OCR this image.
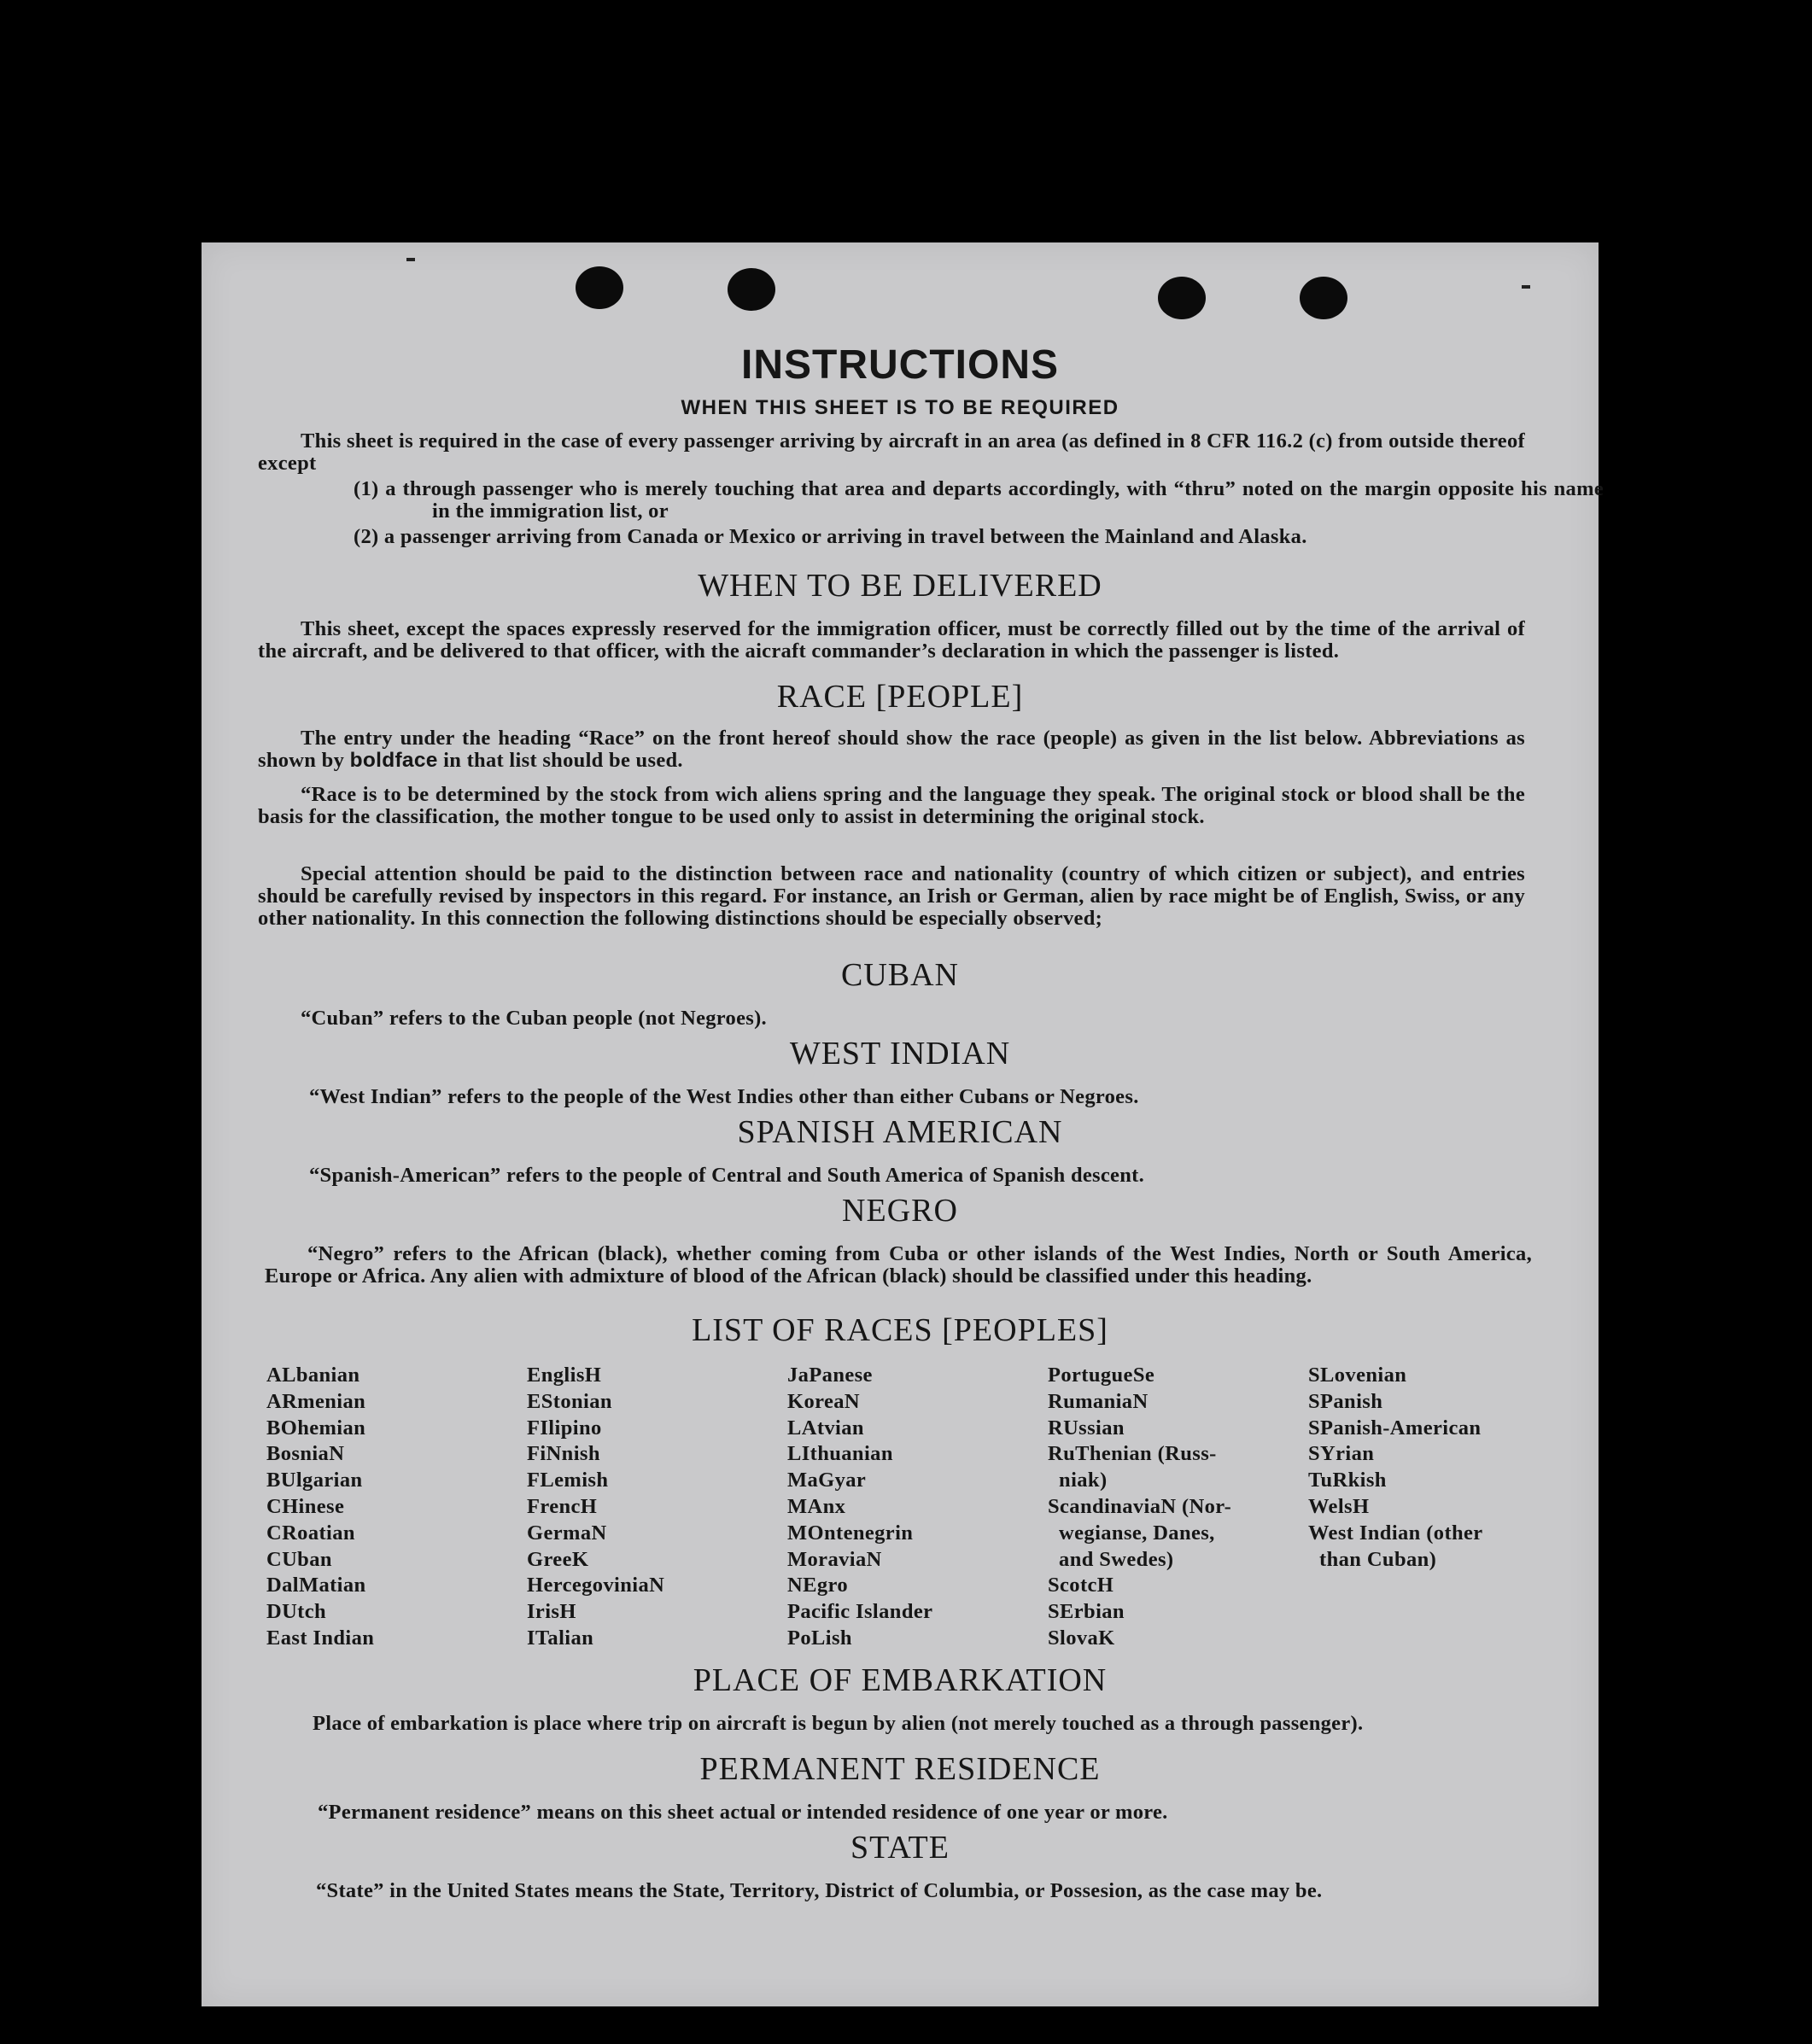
INSTRUCTIONS
WHEN THIS SHEET IS TO BE REQUIRED
This sheet is required in the case of every passenger arriving by aircraft in an area (as defined in 8 CFR 116.2 (c) from outside thereof except
(1) a through passenger who is merely touching that area and departs accordingly, with “thru” noted on the margin opposite his name in the immigration list, or
(2) a passenger arriving from Canada or Mexico or arriving in travel between the Mainland and Alaska.
WHEN TO BE DELIVERED
This sheet, except the spaces expressly reserved for the immigration officer, must be correctly filled out by the time of the arrival of the aircraft, and be delivered to that officer, with the aicraft commander’s declaration in which the passenger is listed.
RACE [PEOPLE]
The entry under the heading “Race” on the front hereof should show the race (people) as given in the list below. Abbreviations as shown by boldface in that list should be used.
“Race is to be determined by the stock from wich aliens spring and the language they speak. The original stock or blood shall be the basis for the classification, the mother tongue to be used only to assist in determining the original stock.
Special attention should be paid to the distinction between race and nationality (country of which citizen or subject), and entries should be carefully revised by inspectors in this regard. For instance, an Irish or German, alien by race might be of English, Swiss, or any other nationality. In this connection the following distinctions should be especially observed;
CUBAN
“Cuban” refers to the Cuban people (not Negroes).
WEST INDIAN
“West Indian” refers to the people of the West Indies other than either Cubans or Negroes.
SPANISH AMERICAN
“Spanish-American” refers to the people of Central and South America of Spanish descent.
NEGRO
“Negro” refers to the African (black), whether coming from Cuba or other islands of the West Indies, North or South America, Europe or Africa. Any alien with admixture of blood of the African (black) should be classified under this heading.
LIST OF RACES [PEOPLES]
ALbanian
ARmenian
BOhemian
BosniaN
BUlgarian
CHinese
CRoatian
CUban
DalMatian
DUtch
East Indian
EnglisH
EStonian
FIlipino
FiNnish
FLemish
FrencH
GermaN
GreeK
HercegoviniaN
IrisH
ITalian
JaPanese
KoreaN
LAtvian
LIthuanian
MaGyar
MAnx
MOntenegrin
MoraviaN
NEgro
Pacific Islander
PoLish
PortugueSe
RumaniaN
RUssian
RuThenian (Russ-
niak)
ScandinaviaN (Nor-
wegianse, Danes,
and Swedes)
ScotcH
SErbian
SlovaK
SLovenian
SPanish
SPanish-American
SYrian
TuRkish
WelsH
West Indian (other
than Cuban)
PLACE OF EMBARKATION
Place of embarkation is place where trip on aircraft is begun by alien (not merely touched as a through passenger).
PERMANENT RESIDENCE
“Permanent residence” means on this sheet actual or intended residence of one year or more.
STATE
“State” in the United States means the State, Territory, District of Columbia, or Possesion, as the case may be.
